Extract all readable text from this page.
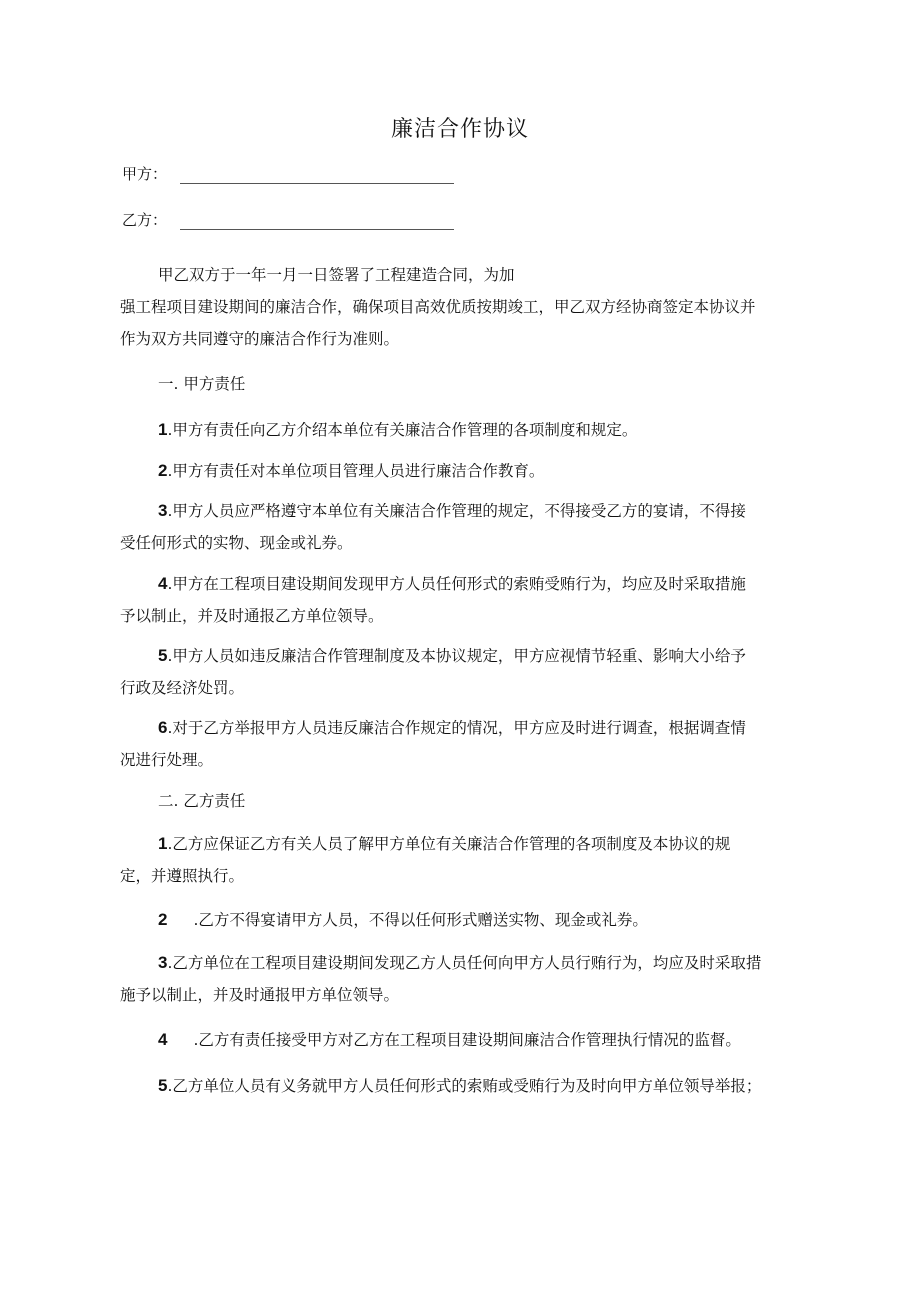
廉洁合作协议
甲方：
乙方：
甲乙双方于一年一月一日签署了工程建造合同，为加
强工程项目建设期间的廉洁合作，确保项目高效优质按期竣工，甲乙双方经协商签定本协议并
作为双方共同遵守的廉洁合作行为准则。
一. 甲方责任
1.甲方有责任向乙方介绍本单位有关廉洁合作管理的各项制度和规定。
2.甲方有责任对本单位项目管理人员进行廉洁合作教育。
3.甲方人员应严格遵守本单位有关廉洁合作管理的规定，不得接受乙方的宴请，不得接
受任何形式的实物、现金或礼券。
4.甲方在工程项目建设期间发现甲方人员任何形式的索贿受贿行为，均应及时采取措施
予以制止，并及时通报乙方单位领导。
5.甲方人员如违反廉洁合作管理制度及本协议规定，甲方应视情节轻重、影响大小给予
行政及经济处罚。
6.对于乙方举报甲方人员违反廉洁合作规定的情况，甲方应及时进行调查，根据调查情
况进行处理。
二. 乙方责任
1.乙方应保证乙方有关人员了解甲方单位有关廉洁合作管理的各项制度及本协议的规
定，并遵照执行。
2 .乙方不得宴请甲方人员，不得以任何形式赠送实物、现金或礼券。
3.乙方单位在工程项目建设期间发现乙方人员任何向甲方人员行贿行为，均应及时采取措
施予以制止，并及时通报甲方单位领导。
4 .乙方有责任接受甲方对乙方在工程项目建设期间廉洁合作管理执行情况的监督。
5.乙方单位人员有义务就甲方人员任何形式的索贿或受贿行为及时向甲方单位领导举报；
